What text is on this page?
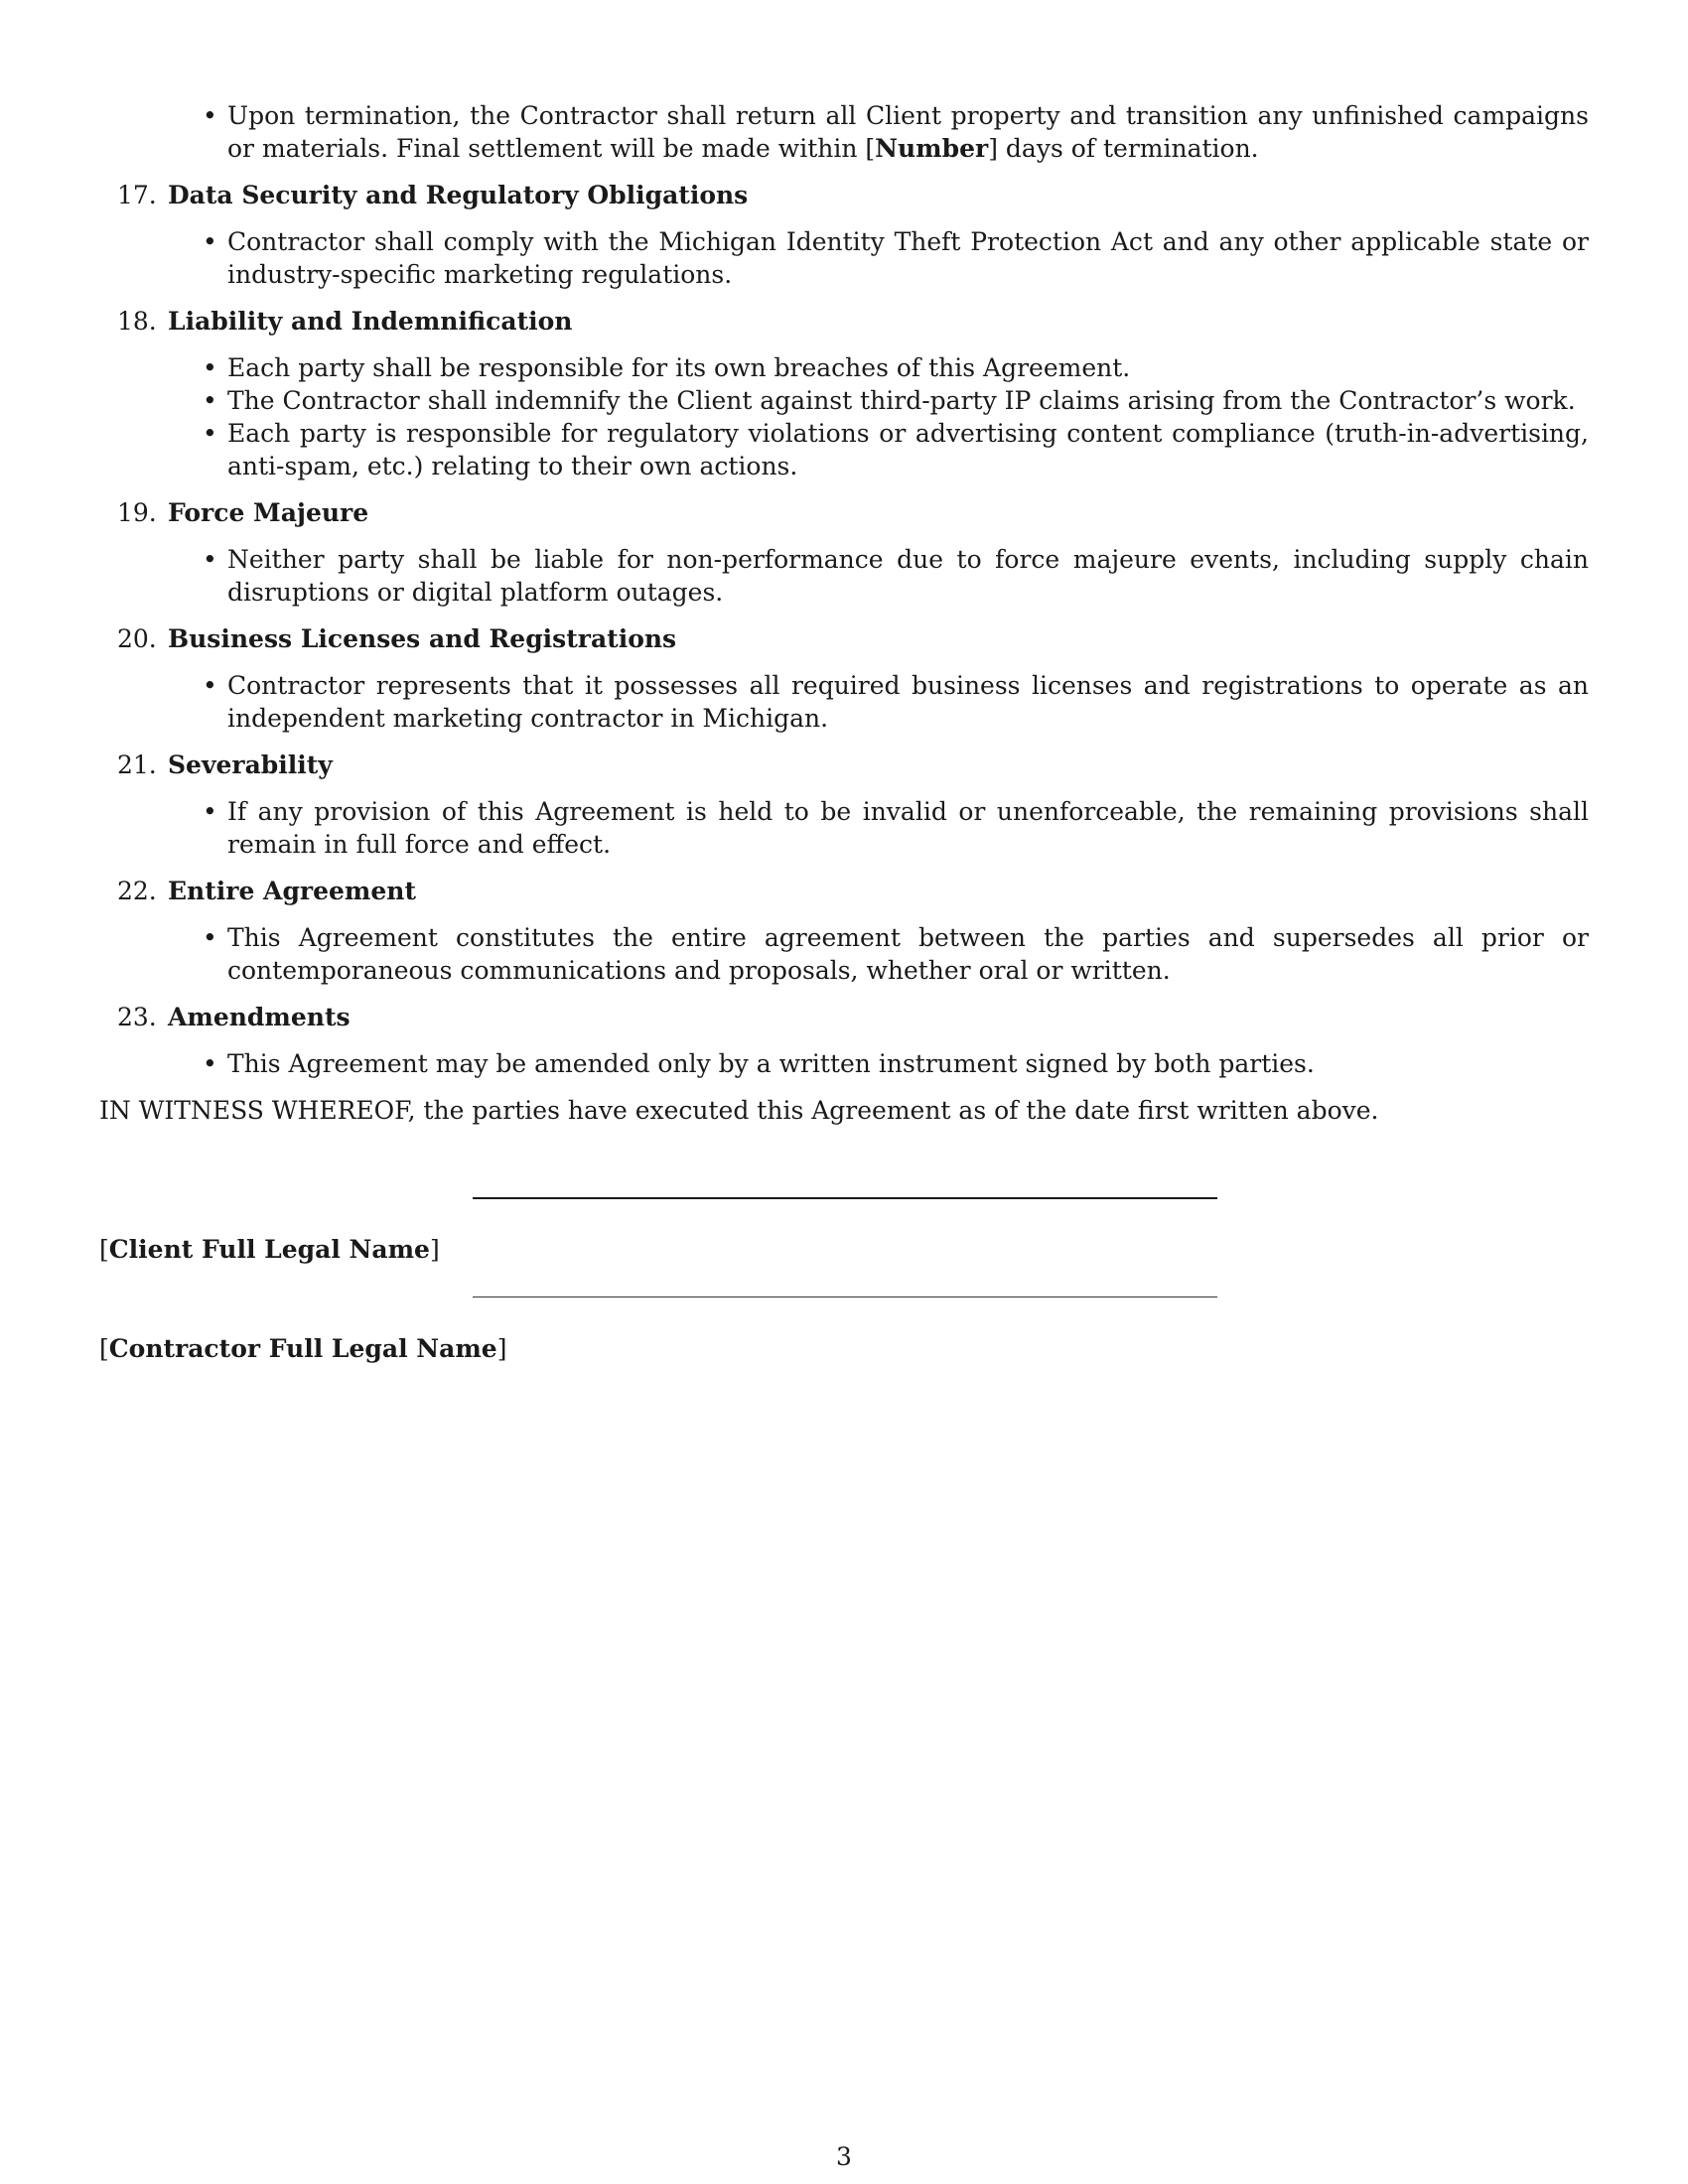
• Upon termination, the Contractor shall return all Client property and transition any unfinished campaigns or materials. Final settlement will be made within [Number] days of termination.
17. Data Security and Regulatory Obligations
• Contractor shall comply with the Michigan Identity Theft Protection Act and any other applicable state or industry-specific marketing regulations.
18. Liability and Indemnification
• Each party shall be responsible for its own breaches of this Agreement.
• The Contractor shall indemnify the Client against third-party IP claims arising from the Contractor’s work.
• Each party is responsible for regulatory violations or advertising content compliance (truth-in-advertising, anti-spam, etc.) relating to their own actions.
19. Force Majeure
• Neither party shall be liable for non-performance due to force majeure events, including supply chain disruptions or digital platform outages.
20. Business Licenses and Registrations
• Contractor represents that it possesses all required business licenses and registrations to operate as an independent marketing contractor in Michigan.
21. Severability
• If any provision of this Agreement is held to be invalid or unenforceable, the remaining provisions shall remain in full force and effect.
22. Entire Agreement
• This Agreement constitutes the entire agreement between the parties and supersedes all prior or contemporaneous communications and proposals, whether oral or written.
23. Amendments
• This Agreement may be amended only by a written instrument signed by both parties.
IN WITNESS WHEREOF, the parties have executed this Agreement as of the date first written above.
[Client Full Legal Name]
[Contractor Full Legal Name]
3
